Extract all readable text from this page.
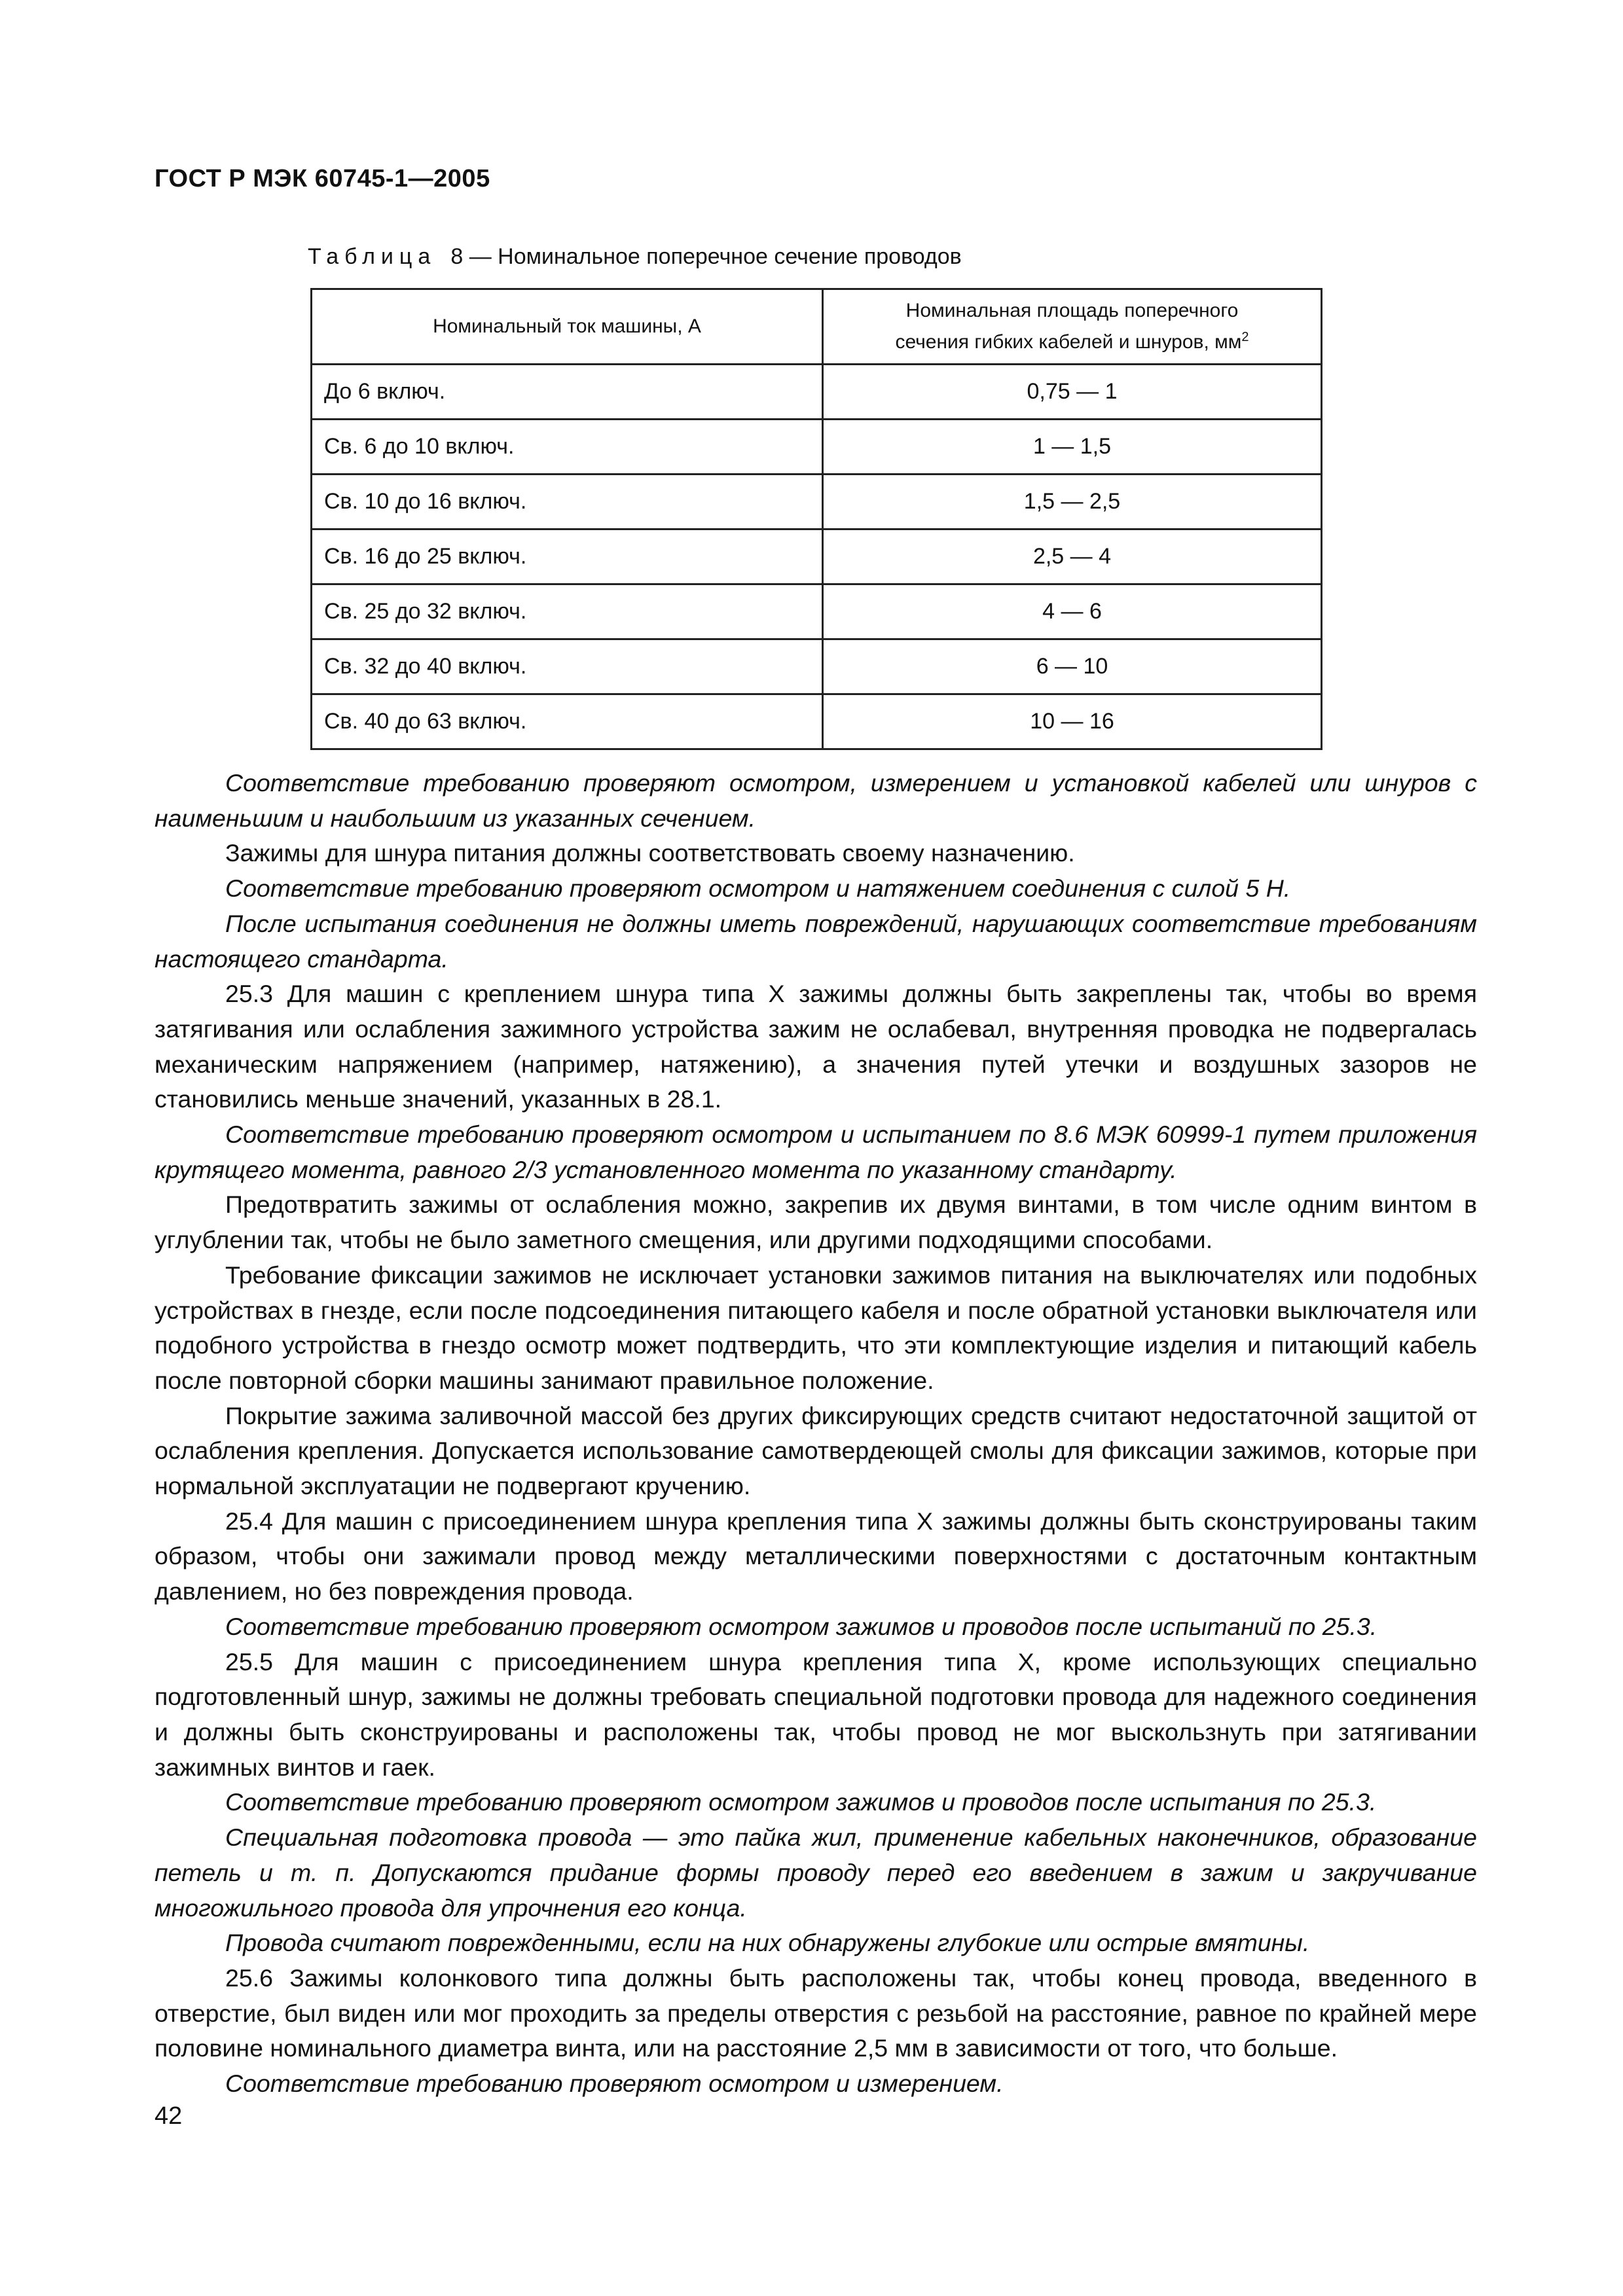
ГОСТ Р МЭК 60745-1—2005
Таблица 8 — Номинальное поперечное сечение проводов
Номинальный ток машины, А	Номинальная площадь поперечного
сечения гибких кабелей и шнуров, $мм^2$
До 6 включ.	0,75 — 1
Св. 6 до 10 включ.	1 — 1,5
Св. 10 до 16 включ.	1,5 — 2,5
Св. 16 до 25 включ.	2,5 — 4
Св. 25 до 32 включ.	4 — 6
Св. 32 до 40 включ.	6 — 10
Св. 40 до 63 включ.	10 — 16

Соответствие требованию проверяют осмотром, измерением и установкой кабелей или шнуров с наименьшим и наибольшим из указанных сечением.

Зажимы для шнура питания должны соответствовать своему назначению.

Соответствие требованию проверяют осмотром и натяжением соединения с силой 5 Н.

После испытания соединения не должны иметь повреждений, нарушающих соответствие требованиям настоящего стандарта.

25.3 Для машин с креплением шнура типа Х зажимы должны быть закреплены так, чтобы во время затягивания или ослабления зажимного устройства зажим не ослабевал, внутренняя проводка не подвергалась механическим напряжением (например, натяжению), а значения путей утечки и воздушных зазоров не становились меньше значений, указанных в 28.1.

Соответствие требованию проверяют осмотром и испытанием по 8.6 МЭК 60999-1 путем приложения крутящего момента, равного 2/3 установленного момента по указанному стандарту.

Предотвратить зажимы от ослабления можно, закрепив их двумя винтами, в том числе одним винтом в углублении так, чтобы не было заметного смещения, или другими подходящими способами.

Требование фиксации зажимов не исключает установки зажимов питания на выключателях или подобных устройствах в гнезде, если после подсоединения питающего кабеля и после обратной установки выключателя или подобного устройства в гнездо осмотр может подтвердить, что эти комплектующие изделия и питающий кабель после повторной сборки машины занимают правильное положение.

Покрытие зажима заливочной массой без других фиксирующих средств считают недостаточной защитой от ослабления крепления. Допускается использование самотвердеющей смолы для фиксации зажимов, которые при нормальной эксплуатации не подвергают кручению.

25.4 Для машин с присоединением шнура крепления типа Х зажимы должны быть сконструированы таким образом, чтобы они зажимали провод между металлическими поверхностями с достаточным контактным давлением, но без повреждения провода.

Соответствие требованию проверяют осмотром зажимов и проводов после испытаний по 25.3.

25.5 Для машин с присоединением шнура крепления типа Х, кроме использующих специально подготовленный шнур, зажимы не должны требовать специальной подготовки провода для надежного соединения и должны быть сконструированы и расположены так, чтобы провод не мог выскользнуть при затягивании зажимных винтов и гаек.

Соответствие требованию проверяют осмотром зажимов и проводов после испытания по 25.3.

Специальная подготовка провода — это пайка жил, применение кабельных наконечников, образование петель и т. п. Допускаются придание формы проводу перед его введением в зажим и закручивание многожильного провода для упрочнения его конца.

Провода считают поврежденными, если на них обнаружены глубокие или острые вмятины.

25.6 Зажимы колонкового типа должны быть расположены так, чтобы конец провода, введенного в отверстие, был виден или мог проходить за пределы отверстия с резьбой на расстояние, равное по крайней мере половине номинального диаметра винта, или на расстояние 2,5 мм в зависимости от того, что больше.

Соответствие требованию проверяют осмотром и измерением.

42
